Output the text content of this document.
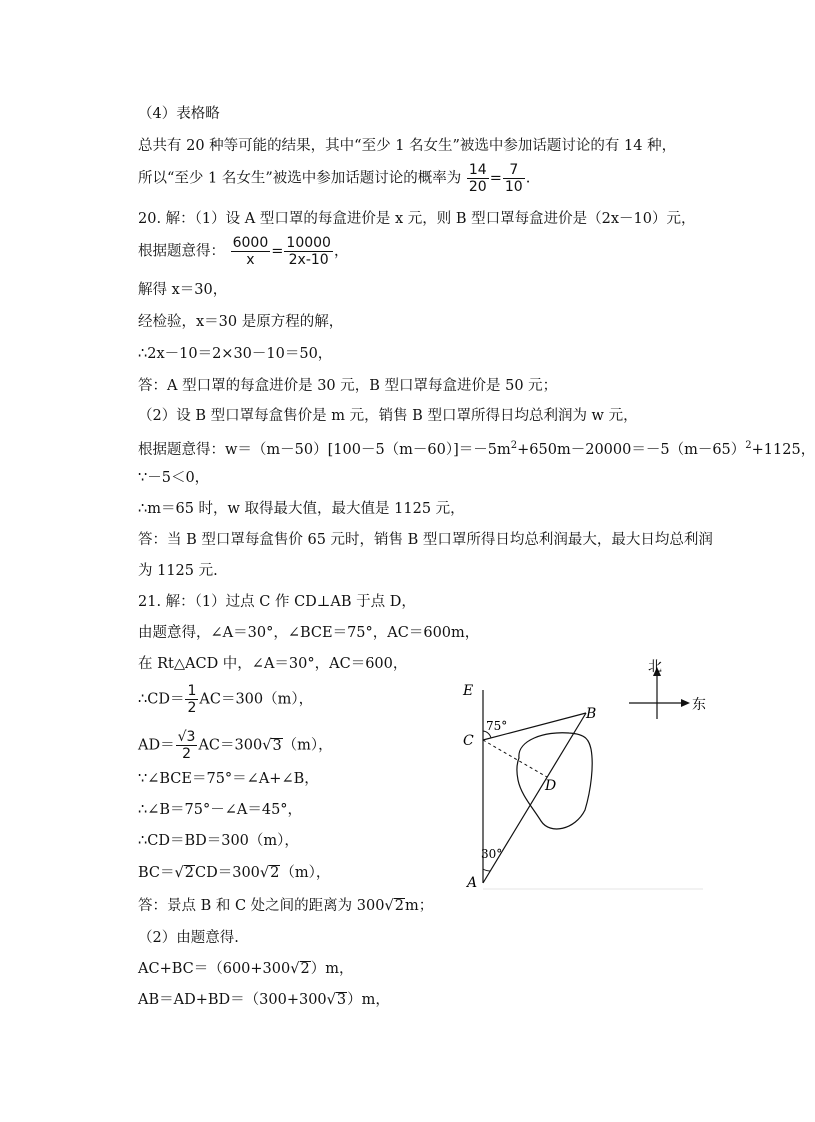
（4）表格略
总共有 20 种等可能的结果，其中“至少 1 名女生”被选中参加话题讨论的有 14 种，
所以“至少 1 名女生”被选中参加话题讨论的概率为 $\frac{14}{20} = \frac{7}{10}$ .
20. 解：（1）设 A 型口罩的每盒进价是 x 元，则 B 型口罩每盒进价是（2x－10）元，
根据题意得： $\frac{6000}{x} = \frac{10000}{2x-10}$ ，
解得 x＝30，
经检验，x＝30 是原方程的解，
∴2x－10＝2×30－10＝50，
答：A 型口罩的每盒进价是 30 元，B 型口罩每盒进价是 50 元；
（2）设 B 型口罩每盒售价是 m 元，销售 B 型口罩所得日均总利润为 w 元，
根据题意得：$w=(m-50)[100-5(m-60)]=-5m^2+650m-20000=-5(m-65)^2+1125$，
∵－5＜0，
∴m＝65 时，w 取得最大值，最大值是 1125 元，
答：当 B 型口罩每盒售价 65 元时，销售 B 型口罩所得日均总利润最大，最大日均总利润
为 1125 元.
21. 解：（1）过点 C 作 CD⊥AB 于点 D，
由题意得，∠A＝30°，∠BCE＝75°，AC＝600m，
在 Rt△ACD 中，∠A＝30°，AC＝600，
∴CD＝ $\frac{1}{2} AC=300(m)$，
$AD= \frac{√3}{2} AC=300√3(m)$，
∵∠BCE＝75°＝∠A+∠B，
∴∠B＝75°－∠A＝45°，
∴CD＝BD＝300（m），
BC＝√2CD＝300√2（m），
答：景点 B 和 C 处之间的距离为 300√2m；
（2）由题意得.
AC+BC＝（600+300√2）m，
AB＝AD+BD＝（300+300√3）m，
E
B
C
D
A
75°
30°
北
东
